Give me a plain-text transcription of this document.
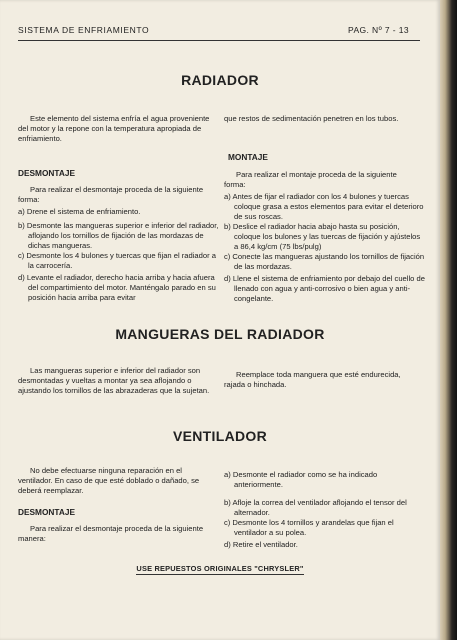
SISTEMA DE ENFRIAMIENTO	PAG. Nº 7 - 13
RADIADOR

Este elemento del sistema enfría el agua proveniente del motor y la repone con la temperatura apropiada de enfriamiento.

DESMONTAJE

Para realizar el desmontaje proceda de la siguiente forma:

a) Drene el sistema de enfriamiento.

b) Desmonte las mangueras superior e inferior del radiador, aflojando los tornillos de fijación de las mordazas de dichas mangueras.

c) Desmonte los 4 bulones y tuercas que fijan el radiador a la carrocería.

d) Levante el radiador, derecho hacia arriba y hacia afuera del compartimiento del motor. Manténgalo parado en su posición hacia arriba para evitar

que restos de sedimentación penetren en los tubos.

MONTAJE

Para realizar el montaje proceda de la siguiente forma:

a) Antes de fijar el radiador con los 4 bulones y tuercas coloque grasa a estos elementos para evitar el deterioro de sus roscas.

b) Deslice el radiador hacia abajo hasta su posición, coloque los bulones y las tuercas de fijación y ajústelos a 86,4 kg/cm (75 lbs/pulg)

c) Conecte las mangueras ajustando los tornillos de fijación de las mordazas.

d) Llene el sistema de enfriamiento por debajo del cuello de llenado con agua y anti-corrosivo o bien agua y anti-congelante.

MANGUERAS DEL RADIADOR

Las mangueras superior e inferior del radiador son desmontadas y vueltas a montar ya sea aflojando o ajustando los tornillos de las abrazaderas que la sujetan.

Reemplace toda manguera que esté endurecida, rajada o hinchada.

VENTILADOR

No debe efectuarse ninguna reparación en el ventilador. En caso de que esté doblado o dañado, se deberá reemplazar.

DESMONTAJE

Para realizar el desmontaje proceda de la siguiente manera:

a) Desmonte el radiador como se ha indicado anteriormente.

b) Afloje la correa del ventilador aflojando el tensor del alternador.

c) Desmonte los 4 tornillos y arandelas que fijan el ventilador a su polea.

d) Retire el ventilador.

USE REPUESTOS ORIGINALES "CHRYSLER"
